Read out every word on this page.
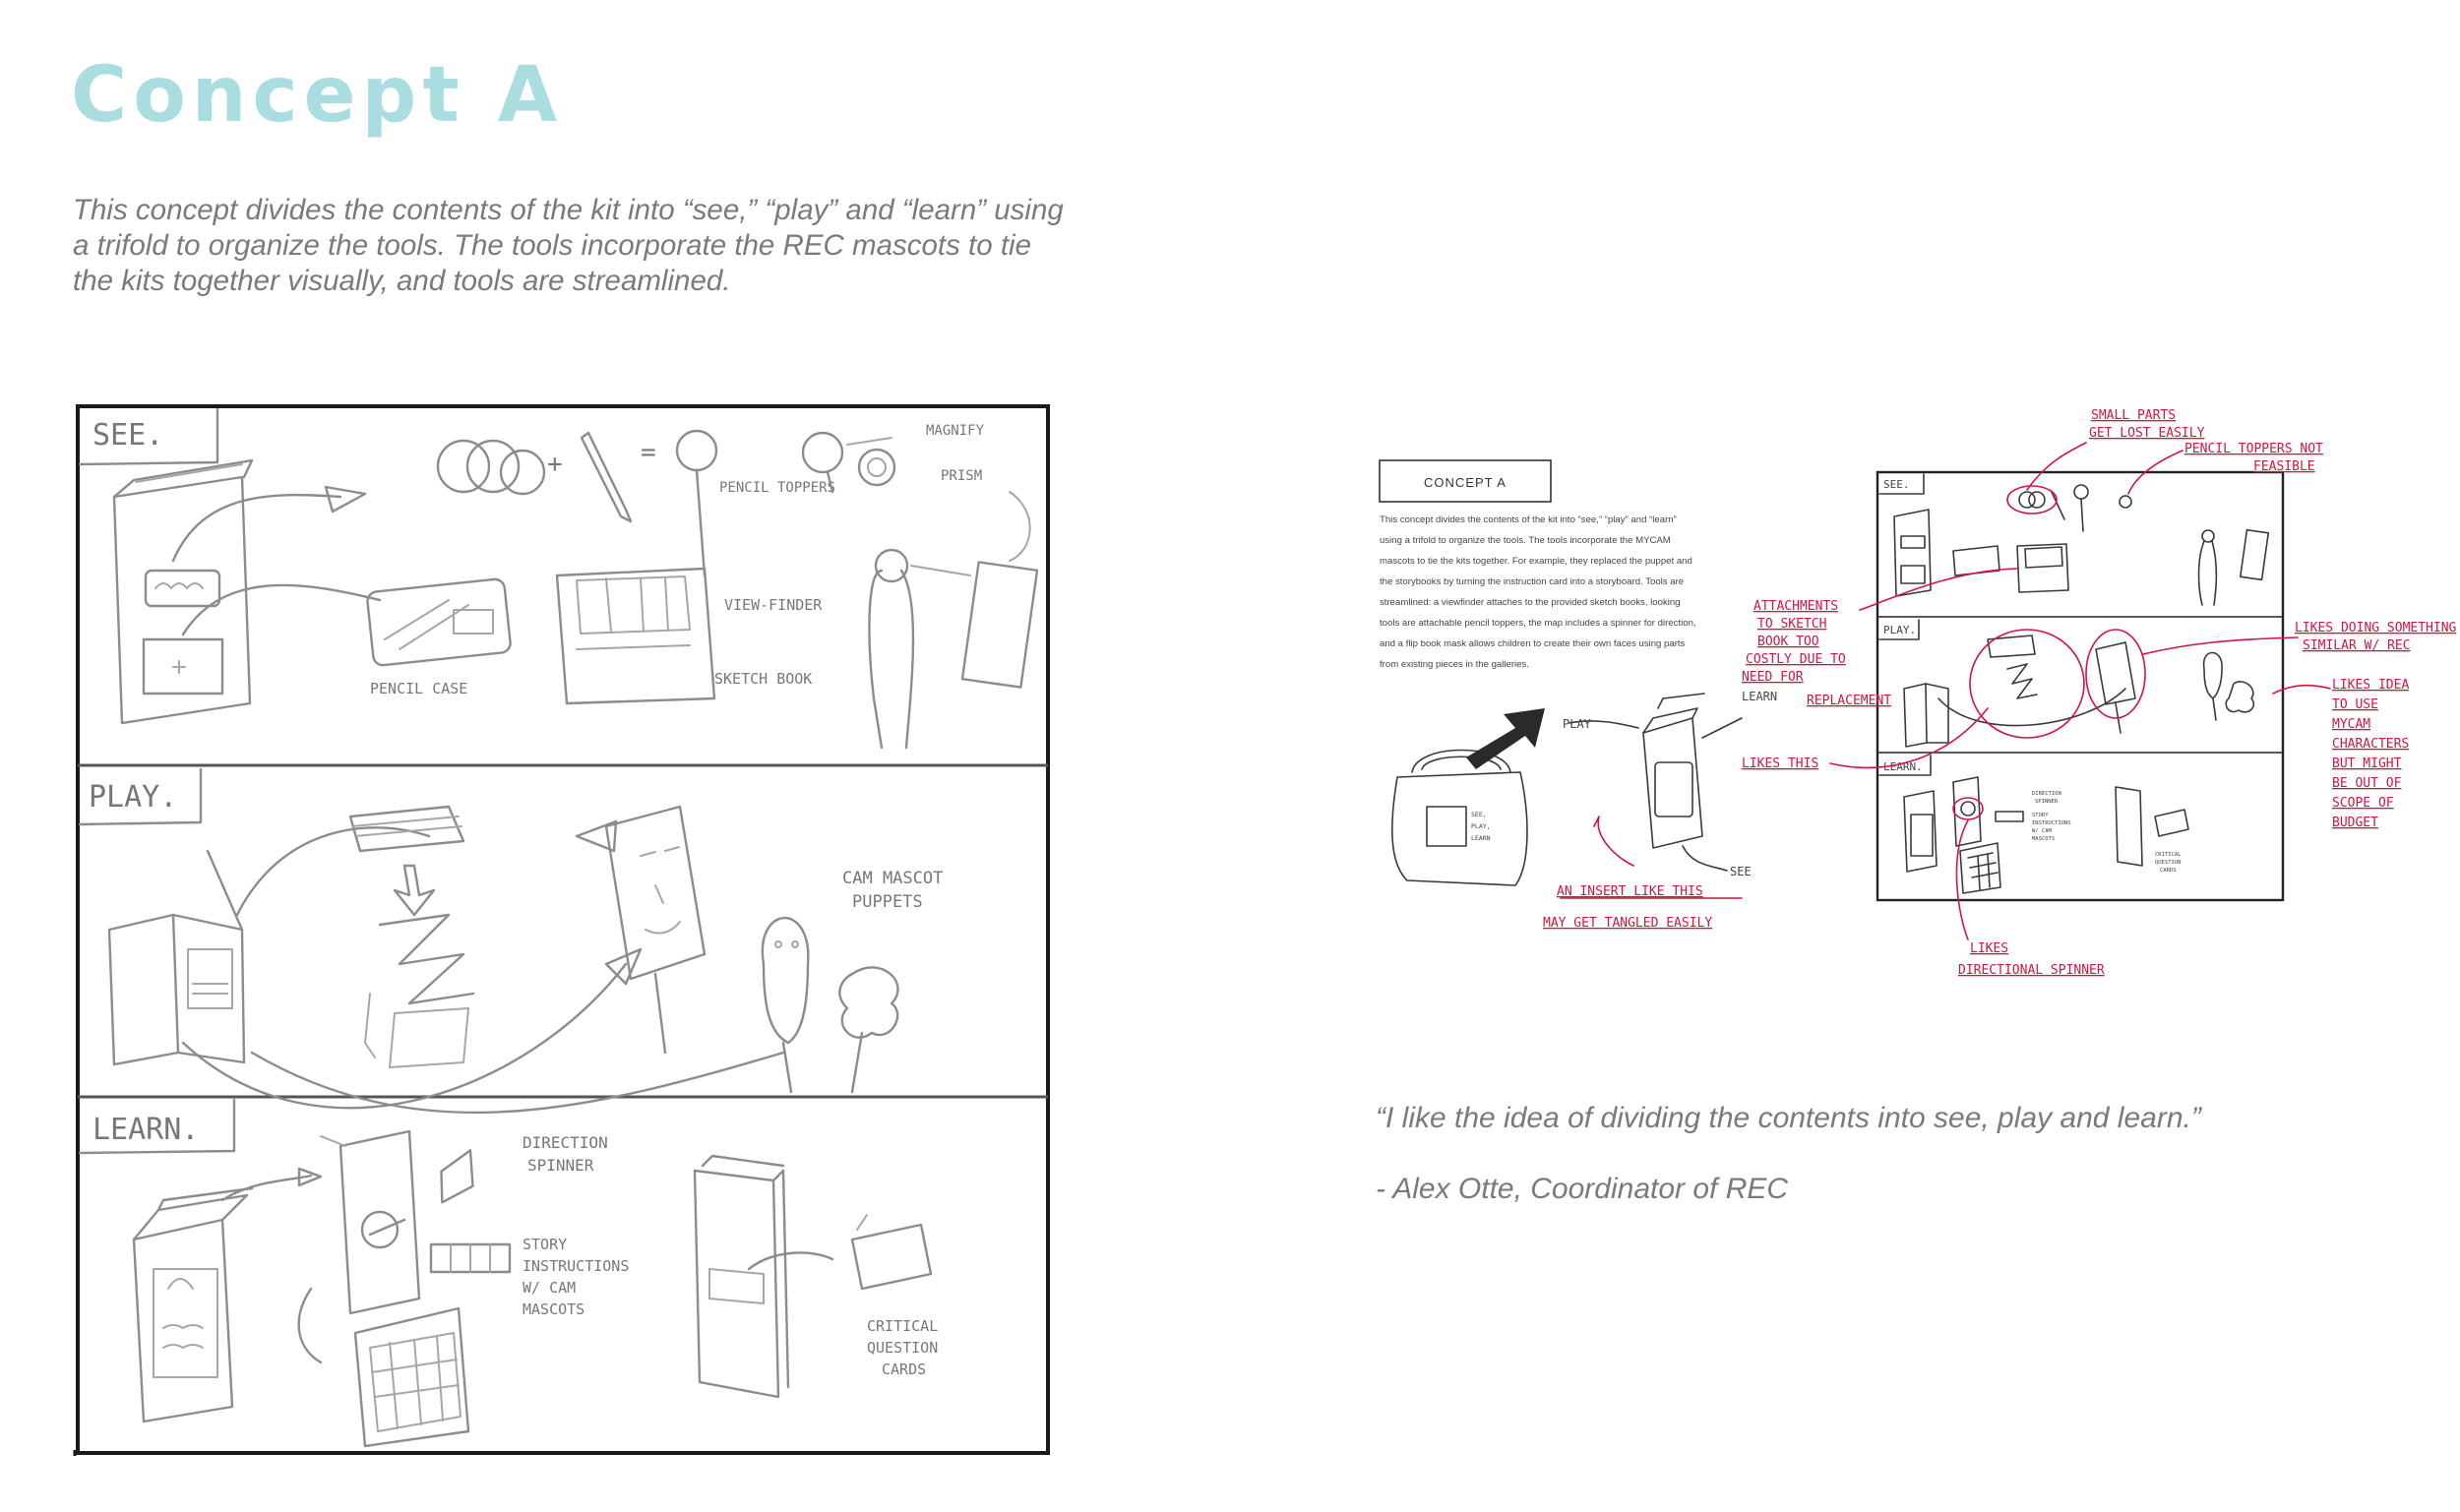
Concept A

This concept divides the contents of the kit into “see,” “play” and “learn” using a trifold to organize the tools. The tools incorporate the REC mascots to tie the kits together visually, and tools are streamlined.

SEE.
PENCIL CASE
+	=
PENCIL TOPPERS
MAGNIFY
PRISM
VIEW-FINDER
SKETCH BOOK
PLAY.
CAM MASCOT
PUPPETS
LEARN.	DIRECTION
SPINNER
STORY
INSTRUCTIONS
W/ CAM
MASCOTS
CRITICAL
QUESTION
CARDS
CONCEPT A
This concept divides the contents of the kit into “see,” “play” and “learn”
using a trifold to organize the tools. The tools incorporate the MYCAM
mascots to tie the kits together. For example, they replaced the puppet and
the storybooks by turning the instruction card into a storyboard. Tools are
streamlined: a viewfinder attaches to the provided sketch books, looking
tools are attachable pencil toppers, the map includes a spinner for direction,
and a flip book mask allows children to create their own faces using parts
from existing pieces in the galleries.
SEE,
PLAY,
LEARN
SEE, PLAY, LEARN
PLAY
LEARN
SEE
SEE.
PLAY.
LEARN.
DIRECTION
SPINNER
STORY
INSTRUCTIONS
W/ CAM
MASCOTS
CRITICAL
QUESTION
CARDS
SMALL PARTS
GET LOST EASILY
PENCIL TOPPERS NOT
FEASIBLE
ATTACHMENTS
TO SKETCH
BOOK TOO
COSTLY DUE TO
NEED FOR
REPLACEMENT
LIKES THIS
AN INSERT LIKE THIS
MAY GET TANGLED EASILY
LIKES DOING SOMETHING
SIMILAR W/ REC
LIKES IDEA
TO USE
MYCAM
CHARACTERS
BUT MIGHT
BE OUT OF
SCOPE OF
BUDGET
LIKES
DIRECTIONAL SPINNER

“I like the idea of dividing the contents into see, play and learn.”

- Alex Otte, Coordinator of REC
